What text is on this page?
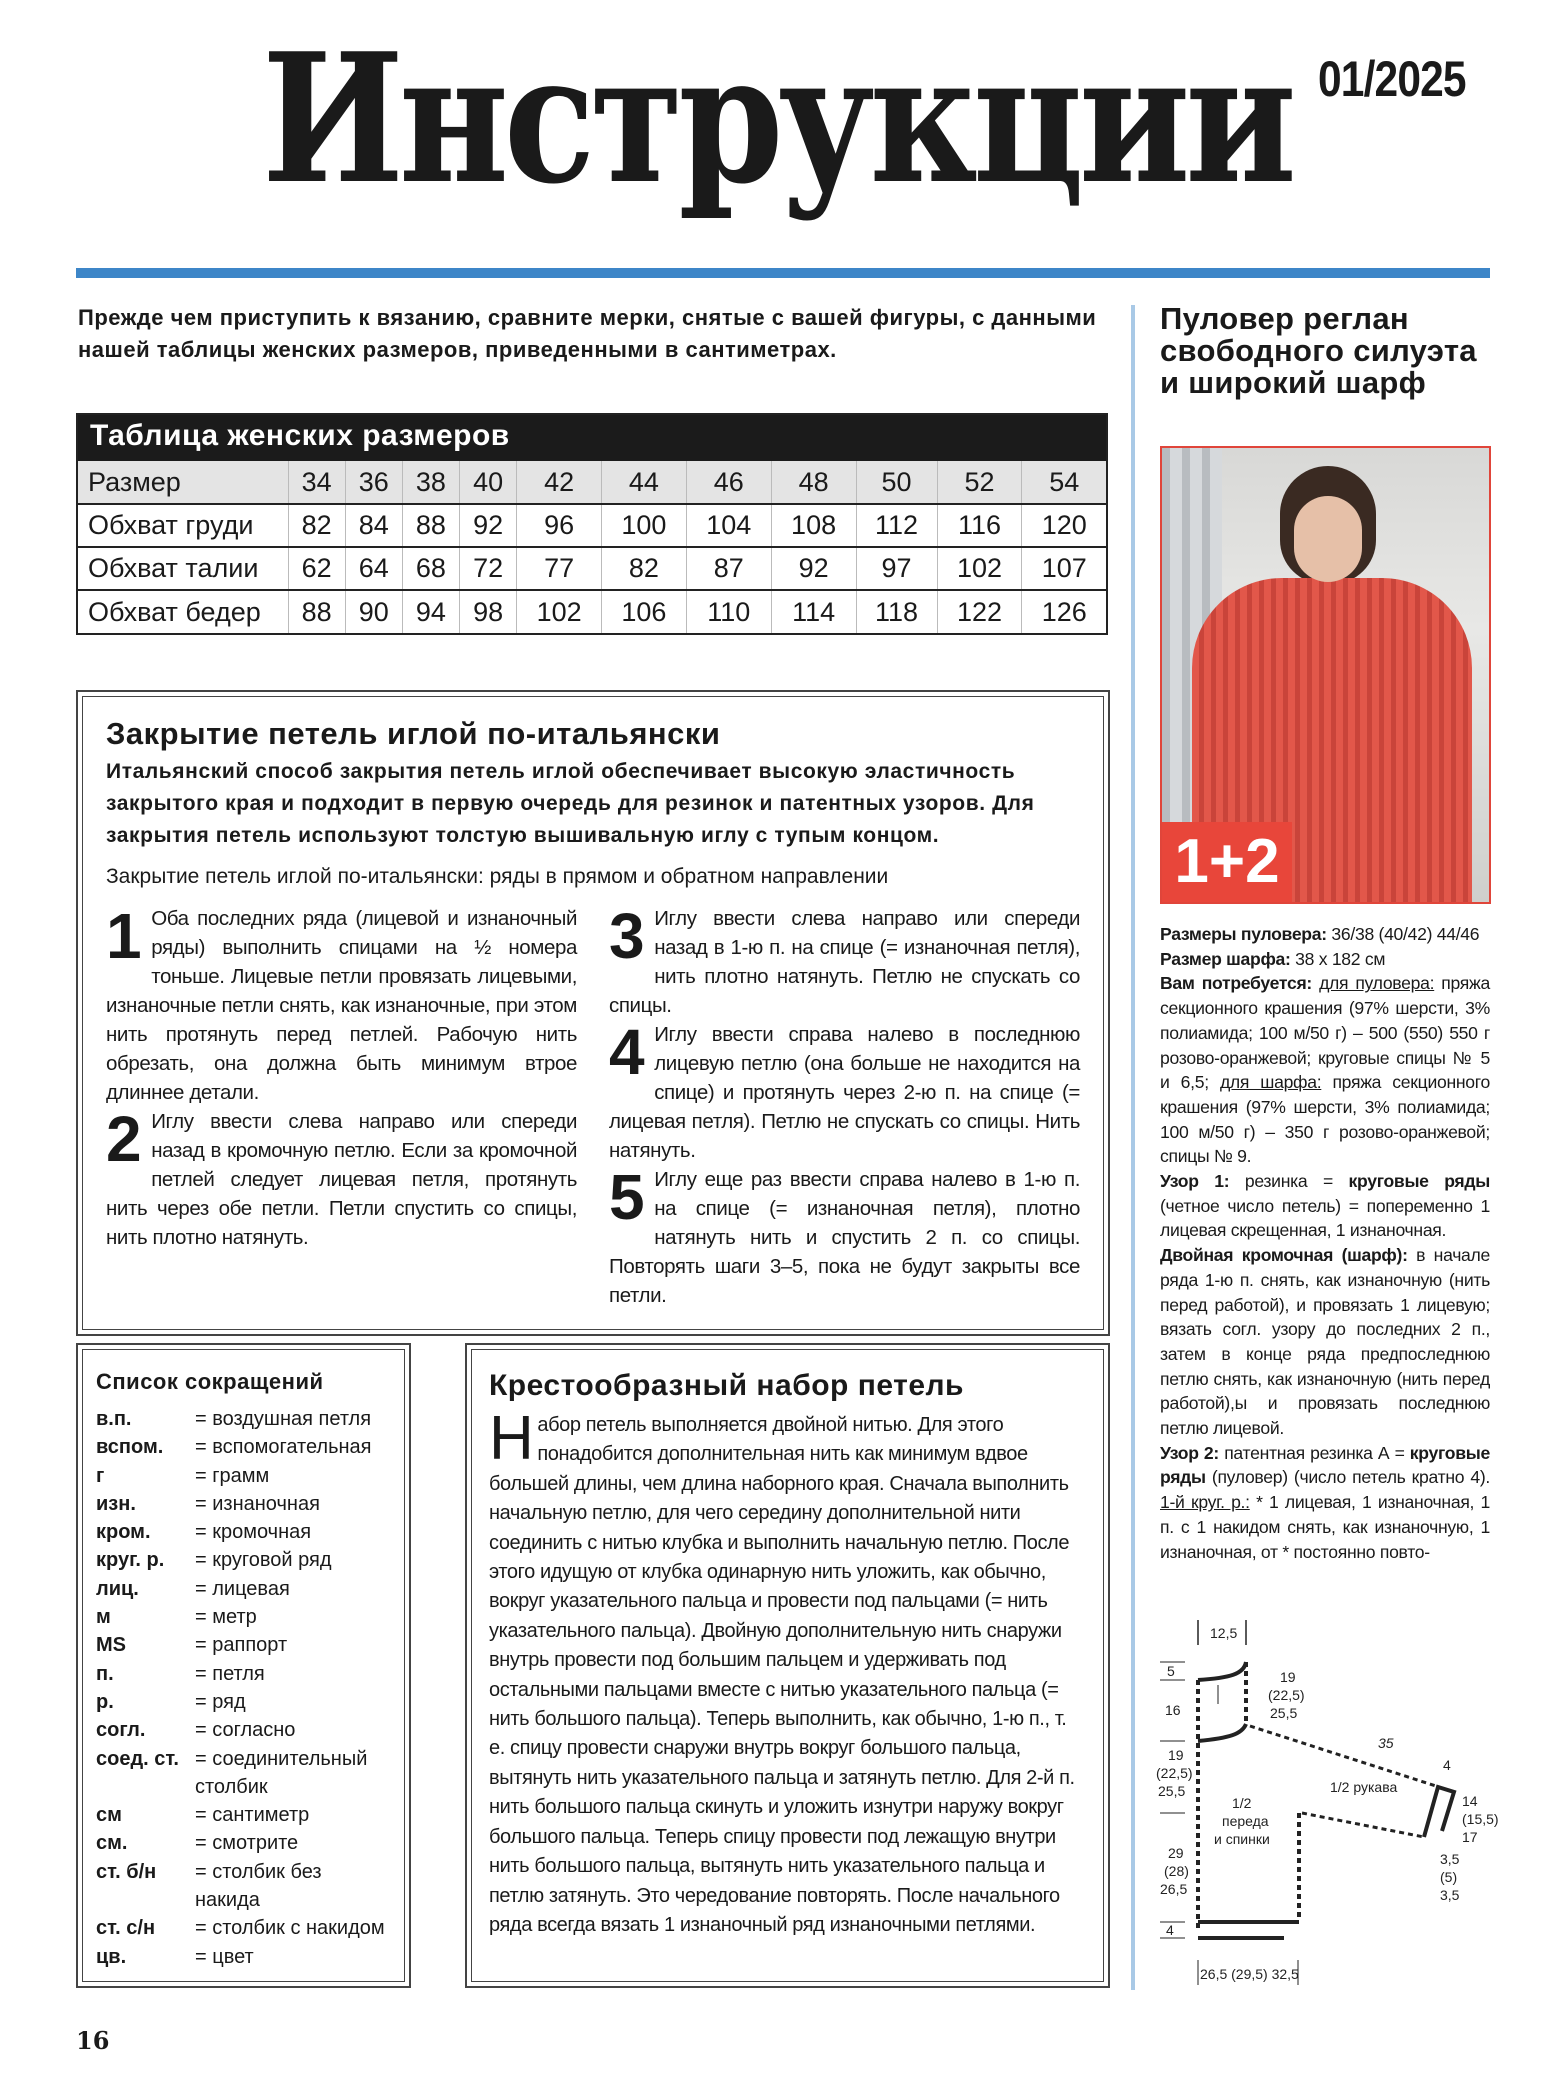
Инструкции 01/2025
Прежде чем приступить к вязанию, сравните мерки, снятые с вашей фигуры, с данными нашей таблицы женских размеров, приведенными в сантиметрах.
Таблица женских размеров
Размер	34	36	38	40	42	44	46	48	50	52	54
Обхват груди	82	84	88	92	96	100	104	108	112	116	120
Обхват талии	62	64	68	72	77	82	87	92	97	102	107
Обхват бедер	88	90	94	98	102	106	110	114	118	122	126
Закрытие петель иглой по-итальянски
Итальянский способ закрытия петель иглой обеспечивает высокую эластичность закрытого края и подходит в первую очередь для резинок и патентных узоров. Для закрытия петель используют толстую вышивальную иглу с тупым концом.
Закрытие петель иглой по-итальянски: ряды в прямом и обратном направлении
1 Оба последних ряда (лицевой и изнаночный ряды) выполнить спицами на ½ номера тоньше. Лицевые петли провязать лицевыми, изнаночные петли снять, как изнаночные, при этом нить протянуть перед петлей. Рабочую нить обрезать, она должна быть минимум втрое длиннее детали.
2 Иглу ввести слева направо или спереди назад в кромочную петлю. Если за кромочной петлей следует лицевая петля, протянуть нить через обе петли. Петли спустить со спицы, нить плотно натянуть.
3 Иглу ввести слева направо или спереди назад в 1-ю п. на спице (= изнаночная петля), нить плотно натянуть. Петлю не спускать со спицы.
4 Иглу ввести справа налево в последнюю лицевую петлю (она больше не находится на спице) и протянуть через 2-ю п. на спице (= лицевая петля). Петлю не спускать со спицы. Нить натянуть.
5 Иглу еще раз ввести справа налево в 1-ю п. на спице (= изнаночная петля), плотно натянуть нить и спустить 2 п. со спицы. Повторять шаги 3–5, пока не будут закрыты все петли.
Список сокращений
в.п.	= воздушная петля
вспом.	= вспомогательная
г	= грамм
изн.	= изнаночная
кром.	= кромочная
круг. р.	= круговой ряд
лиц.	= лицевая
м	= метр
MS	= раппорт
п.	= петля
р.	= ряд
согл.	= согласно
соед. ст. = соединительный столбик
см	= сантиметр
см.	= смотрите
ст. б/н	= столбик без накида
ст. с/н	= столбик с накидом
цв.	= цвет
Крестообразный набор петель

Набор петель выполняется двойной нитью. Для этого понадобится дополнительная нить как минимум вдвое большей длины, чем длина наборного края. Сначала выполнить начальную петлю, для чего середину дополнительной нити соединить с нитью клубка и выполнить начальную петлю. После этого идущую от клубка одинарную нить уложить, как обычно, вокруг указательного пальца и провести под пальцами (= нить указательного пальца). Двойную дополнительную нить снаружи внутрь провести под большим пальцем и удерживать под остальными пальцами вместе с нитью указательного пальца (= нить большого пальца). Теперь выполнить, как обычно, 1-ю п., т. е. спицу провести снаружи внутрь вокруг большого пальца, вытянуть нить указательного пальца и затянуть петлю. Для 2-й п. нить большого пальца скинуть и уложить изнутри наружу вокруг большого пальца. Теперь спицу провести под лежащую внутри нить большого пальца, вытянуть нить указательного пальца и петлю затянуть. Это чередование повторять. После начального ряда всегда вязать 1 изнаночный ряд изнаночными петлями.

Пуловер реглан свободного силуэта и широкий шарф
1+2
Размеры пуловера: 36/38 (40/42) 44/46
Размер шарфа: 38 x 182 см
Вам потребуется: для пуловера: пряжа секционного крашения (97% шерсти, 3% полиамида; 100 м/50 г) – 500 (550) 550 г розово-оранжевой; круговые спицы № 5 и 6,5; для шарфа: пряжа секционного крашения (97% шерсти, 3% полиамида; 100 м/50 г) – 350 г розово-оранжевой; спицы № 9.
Узор 1: резинка = круговые ряды (четное число петель) = попеременно 1 лицевая скрещенная, 1 изнаночная.
Двойная кромочная (шарф): в начале ряда 1-ю п. снять, как изнаночную (нить перед работой), и провязать 1 лицевую; вязать согл. узору до последних 2 п., затем в конце ряда предпоследнюю петлю снять, как изнаночную (нить перед работой),ы и провязать последнюю петлю лицевой.
Узор 2: патентная резинка А = круговые ряды (пуловер) (число петель кратно 4). 1-й круг. р.: * 1 лицевая, 1 изнаночная, 1 п. с 1 накидом снять, как изнаночную, 1 изнаночная, от * постоянно повто-
12,5
5
16
19
(22,5)
25,5
19
(22,5)
25,5
35
4
14
(15,5)
17
3,5
(5)
3,5
29
(28)
26,5
4
26,5 (29,5) 32,5
1/2
переда
и спинки
1/2 рукава
16
